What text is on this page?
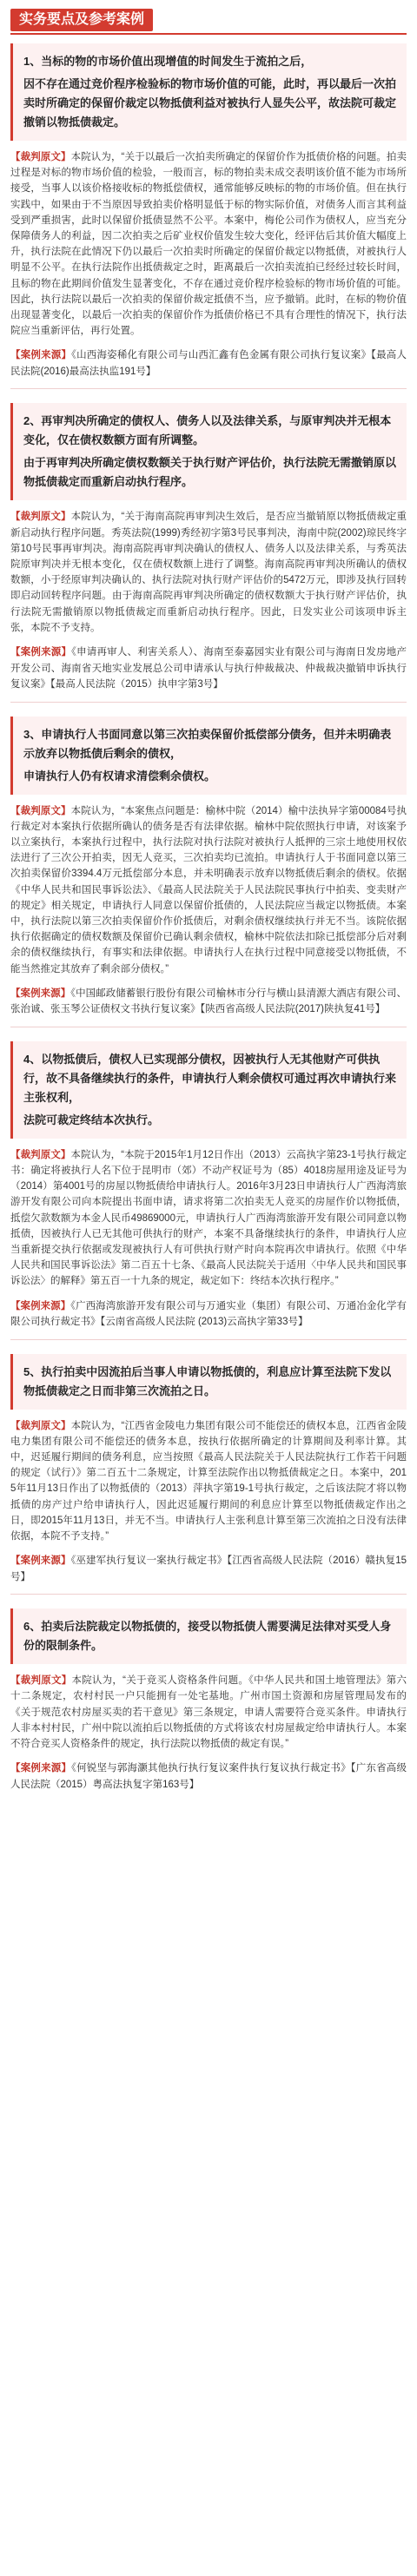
实务要点及参考案例

1、当标的物的市场价值出现增值的时间发生于流拍之后，

因不存在通过竞价程序检验标的物市场价值的可能，此时，再以最后一次拍卖时所确定的保留价裁定以物抵债利益对被执行人显失公平，故法院可裁定撤销以物抵债裁定。

【裁判原文】本院认为，“关于以最后一次拍卖所确定的保留价作为抵债价格的问题。拍卖过程是对标的物市场价值的检验，一般而言，标的物拍卖未成交表明该价值不能为市场所接受，当事人以该价格接收标的物抵偿债权，通常能够反映标的物的市场价值。但在执行实践中，如果由于不当原因导致拍卖价格明显低于标的物实际价值，对债务人而言其利益受到严重损害，此时以保留价抵债显然不公平。本案中，梅伦公司作为债权人，应当充分保障债务人的利益，因二次拍卖之后矿业权价值发生较大变化，经评估后其价值大幅度上升，执行法院在此情况下仍以最后一次拍卖时所确定的保留价裁定以物抵债，对被执行人明显不公平。在执行法院作出抵债裁定之时，距离最后一次拍卖流拍已经经过较长时间，且标的物在此期间价值发生显著变化，不存在通过竞价程序检验标的物市场价值的可能。因此，执行法院以最后一次拍卖的保留价裁定抵债不当，应予撤销。此时，在标的物价值出现显著变化，以最后一次拍卖的保留价作为抵债价格已不具有合理性的情况下，执行法院应当重新评估，再行处置。

【案例来源】《山西海姿稀化有限公司与山西汇鑫有色金属有限公司执行复议案》【最高人民法院(2016)最高法执监191号】

2、再审判决所确定的债权人、债务人以及法律关系，与原审判决并无根本变化，仅在债权数额方面有所调整。

由于再审判决所确定债权数额关于执行财产评估价，执行法院无需撤销原以物抵债裁定而重新启动执行程序。

【裁判原文】本院认为，“关于海南高院再审判决生效后，是否应当撤销原以物抵债裁定重新启动执行程序问题。秀英法院(1999)秀经初字第3号民事判决，海南中院(2002)琼民终字第10号民事再审判决。海南高院再审判决确认的债权人、债务人以及法律关系，与秀英法院原审判决并无根本变化，仅在债权数额上进行了调整。海南高院再审判决所确认的债权数额，小于经原审判决确认的、执行法院对执行财产评估价的5472万元，即涉及执行回转即启动回转程序问题。由于海南高院再审判决所确定的债权数额大于执行财产评估价，执行法院无需撤销原以物抵债裁定而重新启动执行程序。因此，日发实业公司该项申诉主张，本院不予支持。

【案例来源】《申请再审人、利害关系人）、海南至泰嘉园实业有限公司与海南日发房地产开发公司、海南省天地实业发展总公司申请承认与执行仲裁裁决、仲裁裁决撤销申诉执行复议案》【最高人民法院（2015）执申字第3号】

3、申请执行人书面同意以第三次拍卖保留价抵偿部分债务，但并未明确表示放弃以物抵债后剩余的债权，

申请执行人仍有权请求清偿剩余债权。

【裁判原文】本院认为，“本案焦点问题是：榆林中院（2014）榆中法执异字第00084号执行裁定对本案执行依据所确认的债务是否有法律依据。榆林中院依照执行申请，对该案予以立案执行，本案执行过程中，执行法院对执行法院对被执行人抵押的三宗土地使用权依法进行了三次公开拍卖，因无人竞买，三次拍卖均已流拍。申请执行人于书面同意以第三次拍卖保留价3394.4万元抵偿部分本息，并未明确表示放弃以物抵债后剩余的债权。依据《中华人民共和国民事诉讼法》、《最高人民法院关于人民法院民事执行中拍卖、变卖财产的规定》相关规定，申请执行人同意以保留价抵债的，人民法院应当裁定以物抵债。本案中，执行法院以第三次拍卖保留价作价抵债后，对剩余债权继续执行并无不当。该院依据执行依据确定的债权数额及保留价已确认剩余债权，榆林中院依法扣除已抵偿部分后对剩余的债权继续执行，有事实和法律依据。申请执行人在执行过程中同意接受以物抵债，不能当然推定其放弃了剩余部分债权。”

【案例来源】《中国邮政储蓄银行股份有限公司榆林市分行与横山县清源大酒店有限公司、张治诚、张玉琴公证债权文书执行复议案》【陕西省高级人民法院(2017)陕执复41号】

4、以物抵债后，债权人已实现部分债权，因被执行人无其他财产可供执行，故不具备继续执行的条件，申请执行人剩余债权可通过再次申请执行来主张权利，

法院可裁定终结本次执行。

【裁判原文】本院认为，“本院于2015年1月12日作出（2013）云高执字第23-1号执行裁定书：确定将被执行人名下位于昆明市（郊）不动产权证号为（85）4018房屋用途及证号为（2014）第4001号的房屋以物抵债给申请执行人。2016年3月23日申请执行人广西海湾旅游开发有限公司向本院提出书面申请，请求将第二次拍卖无人竞买的房屋作价以物抵债，抵偿欠款数额为本金人民币49869000元，申请执行人广西海湾旅游开发有限公司同意以物抵债，因被执行人已无其他可供执行的财产，本案不具备继续执行的条件，申请执行人应当重新提交执行依据或发现被执行人有可供执行财产时向本院再次申请执行。依照《中华人民共和国民事诉讼法》第二百五十七条、《最高人民法院关于适用〈中华人民共和国民事诉讼法〉的解释》第五百一十九条的规定，裁定如下：终结本次执行程序。”

【案例来源】《广西海湾旅游开发有限公司与万通实业（集团）有限公司、万通冶金化学有限公司执行裁定书》【云南省高级人民法院 (2013)云高执字第33号】

5、执行拍卖中因流拍后当事人申请以物抵债的，利息应计算至法院下发以物抵债裁定之日而非第三次流拍之日。

【裁判原文】本院认为，“江西省金陵电力集团有限公司不能偿还的债权本息，江西省金陵电力集团有限公司不能偿还的债务本息，按执行依据所确定的计算期间及利率计算。其中，迟延履行期间的债务利息，应当按照《最高人民法院关于人民法院执行工作若干问题的规定（试行）》第二百五十二条规定，计算至法院作出以物抵债裁定之日。本案中，2015年11月13日作出了以物抵债的（2013）萍执字第19-1号执行裁定，之后该法院才将以物抵债的房产过户给申请执行人，因此迟延履行期间的利息应计算至以物抵债裁定作出之日，即2015年11月13日，并无不当。申请执行人主张利息计算至第三次流拍之日没有法律依据，本院不予支持。”

【案例来源】《巫建军执行复议一案执行裁定书》【江西省高级人民法院（2016）赣执复15号】

6、拍卖后法院裁定以物抵债的，接受以物抵债人需要满足法律对买受人身份的限制条件。

【裁判原文】本院认为，“关于竞买人资格条件问题。《中华人民共和国土地管理法》第六十二条规定，农村村民一户只能拥有一处宅基地。广州市国土资源和房屋管理局发布的《关于规范农村房屋买卖的若干意见》第三条规定，申请人需要符合竞买条件。申请执行人非本村村民，广州中院以流拍后以物抵债的方式将该农村房屋裁定给申请执行人。本案不符合竞买人资格条件的规定，执行法院以物抵债的裁定有误。”

【案例来源】《何锐坚与郭海灏其他执行执行复议案件执行复议执行裁定书》【广东省高级人民法院（2015）粤高法执复字第163号】
